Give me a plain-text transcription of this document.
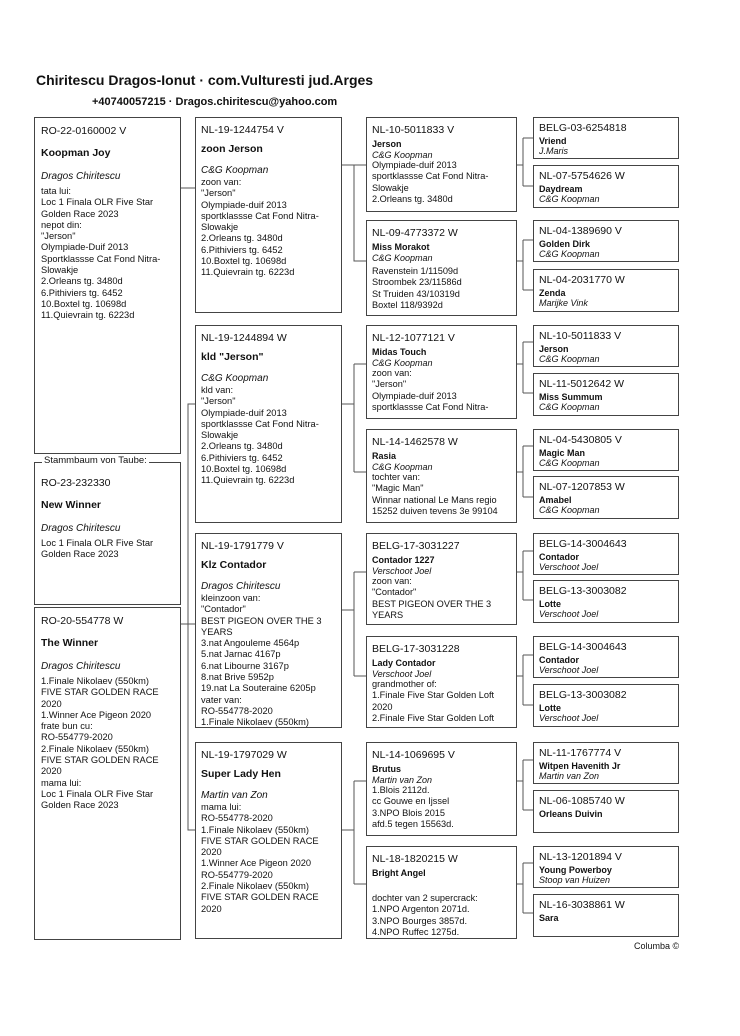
Chiritescu Dragos-Ionut · com.Vulturesti jud.Arges
+40740057215 · Dragos.chiritescu@yahoo.com
RO-22-0160002 V
Koopman Joy
Dragos Chiritescu
tata lui:
Loc 1 Finala OLR Five Star
Golden Race 2023
nepot din:
"Jerson"
Olympiade-Duif 2013
Sportklassse Cat Fond Nitra-
Slowakje
2.Orleans tg. 3480d
6.Pithiviers tg. 6452
10.Boxtel tg. 10698d
11.Quievrain tg. 6223d
RO-23-232330
New Winner
Dragos Chiritescu
Loc 1 Finala OLR Five Star
Golden Race 2023
Stammbaum von Taube:
RO-20-554778 W
The Winner
Dragos Chiritescu
1.Finale Nikolaev (550km)
FIVE STAR GOLDEN RACE
2020
1.Winner Ace Pigeon 2020
frate bun cu:
RO-554779-2020
2.Finale Nikolaev (550km)
FIVE STAR GOLDEN RACE
2020
mama lui:
Loc 1 Finala OLR Five Star
Golden Race 2023
NL-19-1244754 V
zoon Jerson
C&G Koopman
zoon van:
"Jerson"
Olympiade-duif 2013
sportklassse Cat Fond Nitra-
Slowakje
2.Orleans tg. 3480d
6.Pithiviers tg. 6452
10.Boxtel tg. 10698d
11.Quievrain tg. 6223d
NL-19-1244894 W
kld "Jerson"
C&G Koopman
kld van:
"Jerson"
Olympiade-duif 2013
sportklassse Cat Fond Nitra-
Slowakje
2.Orleans tg. 3480d
6.Pithiviers tg. 6452
10.Boxtel tg. 10698d
11.Quievrain tg. 6223d
NL-19-1791779 V
Klz Contador
Dragos Chiritescu
kleinzoon van:
"Contador"
BEST PIGEON OVER THE 3
YEARS
3.nat Angouleme 4564p
5.nat Jarnac 4167p
6.nat Libourne 3167p
8.nat Brive 5952p
19.nat La Souteraine 6205p
vater van:
RO-554778-2020
1.Finale Nikolaev (550km)
NL-19-1797029 W
Super Lady Hen
Martin van Zon
mama lui:
RO-554778-2020
1.Finale Nikolaev (550km)
FIVE STAR GOLDEN RACE
2020
1.Winner Ace Pigeon 2020
RO-554779-2020
2.Finale Nikolaev (550km)
FIVE STAR GOLDEN RACE
2020
NL-10-5011833 V
Jerson
C&G Koopman
Olympiade-duif 2013
sportklassse Cat Fond Nitra-
Slowakje
2.Orleans tg. 3480d
NL-09-4773372 W
Miss Morakot
C&G Koopman
Ravenstein 1/11509d
Stroombek 23/11586d
St Truiden 43/10319d
Boxtel 118/9392d
NL-12-1077121 V
Midas Touch
C&G Koopman
zoon van:
"Jerson"
Olympiade-duif 2013
sportklassse Cat Fond Nitra-
NL-14-1462578 W
Rasia
C&G Koopman
tochter van:
"Magic Man"
Winnar national Le Mans regio
15252 duiven tevens 3e 99104
BELG-17-3031227
Contador 1227
Verschoot Joel
zoon van:
"Contador"
BEST PIGEON OVER THE 3
YEARS
BELG-17-3031228
Lady Contador
Verschoot Joel
grandmother of:
1.Finale Five Star Golden Loft
2020
2.Finale Five Star Golden Loft
NL-14-1069695 V
Brutus
Martin van Zon
1.Blois 2112d.
cc Gouwe en Ijssel
3.NPO Blois 2015
afd.5 tegen 15563d.
NL-18-1820215 W
Bright Angel
dochter van 2 supercrack:
1.NPO Argenton 2071d.
3.NPO Bourges 3857d.
4.NPO Ruffec 1275d.
BELG-03-6254818
Vriend
J.Maris
NL-07-5754626 W
Daydream
C&G Koopman
NL-04-1389690 V
Golden Dirk
C&G Koopman
NL-04-2031770 W
Zenda
Marijke Vink
NL-10-5011833 V
Jerson
C&G Koopman
NL-11-5012642 W
Miss Summum
C&G Koopman
NL-04-5430805 V
Magic Man
C&G Koopman
NL-07-1207853 W
Amabel
C&G Koopman
BELG-14-3004643
Contador
Verschoot Joel
BELG-13-3003082
Lotte
Verschoot Joel
BELG-14-3004643
Contador
Verschoot Joel
BELG-13-3003082
Lotte
Verschoot Joel
NL-11-1767774 V
Witpen Havenith Jr
Martin van Zon
NL-06-1085740 W
Orleans Duivin
NL-13-1201894 V
Young Powerboy
Stoop van Huizen
NL-16-3038861 W
Sara
Columba ©
